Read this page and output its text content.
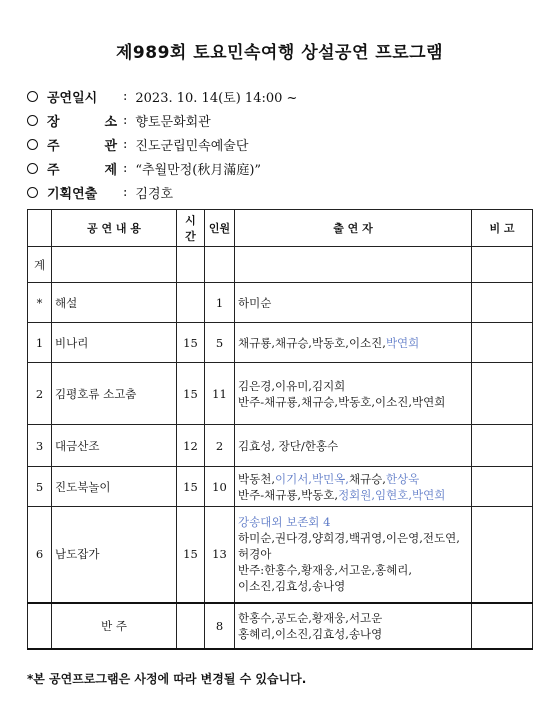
제989회 토요민속여행 상설공연 프로그램
공연일시	: 2023. 10. 14(토) 14:00 ~
장	소 : 향토문화회관
주	관 : 진도군립민속예술단
주	제 : “추월만정(秋月滿庭)”
기획연출	: 김경호
	공 연 내 용	시간	인원	출 연 자	비 고
계					
*	해설		1	하미순	

1	비나리	15	5	채규룡,채규승,박동호,이소진,박연희	

2	김평호류 소고춤	15	11	김은경,이유미,김지희
반주-채규룡,채규승,박동호,이소진,박연희	

3	대금산조	12	2	김효성, 장단/한홍수	

5	진도북놀이	15	10	박동천,이기서,박민옥,채규승,한상욱
반주-채규룡,박동호,정회원,임현호,박연희	

6	남도잡가	15	13	강송대외 보존회 4
하미순,권다경,양희경,백귀영,이은영,전도연,
허경아
반주:한홍수,황재웅,서고운,홍혜리,
이소진,김효성,송나영	

	반 주		8	한홍수,공도순,황재웅,서고운
홍혜리,이소진,김효성,송나영	

*본 공연프로그램은 사정에 따라 변경될 수 있습니다.
